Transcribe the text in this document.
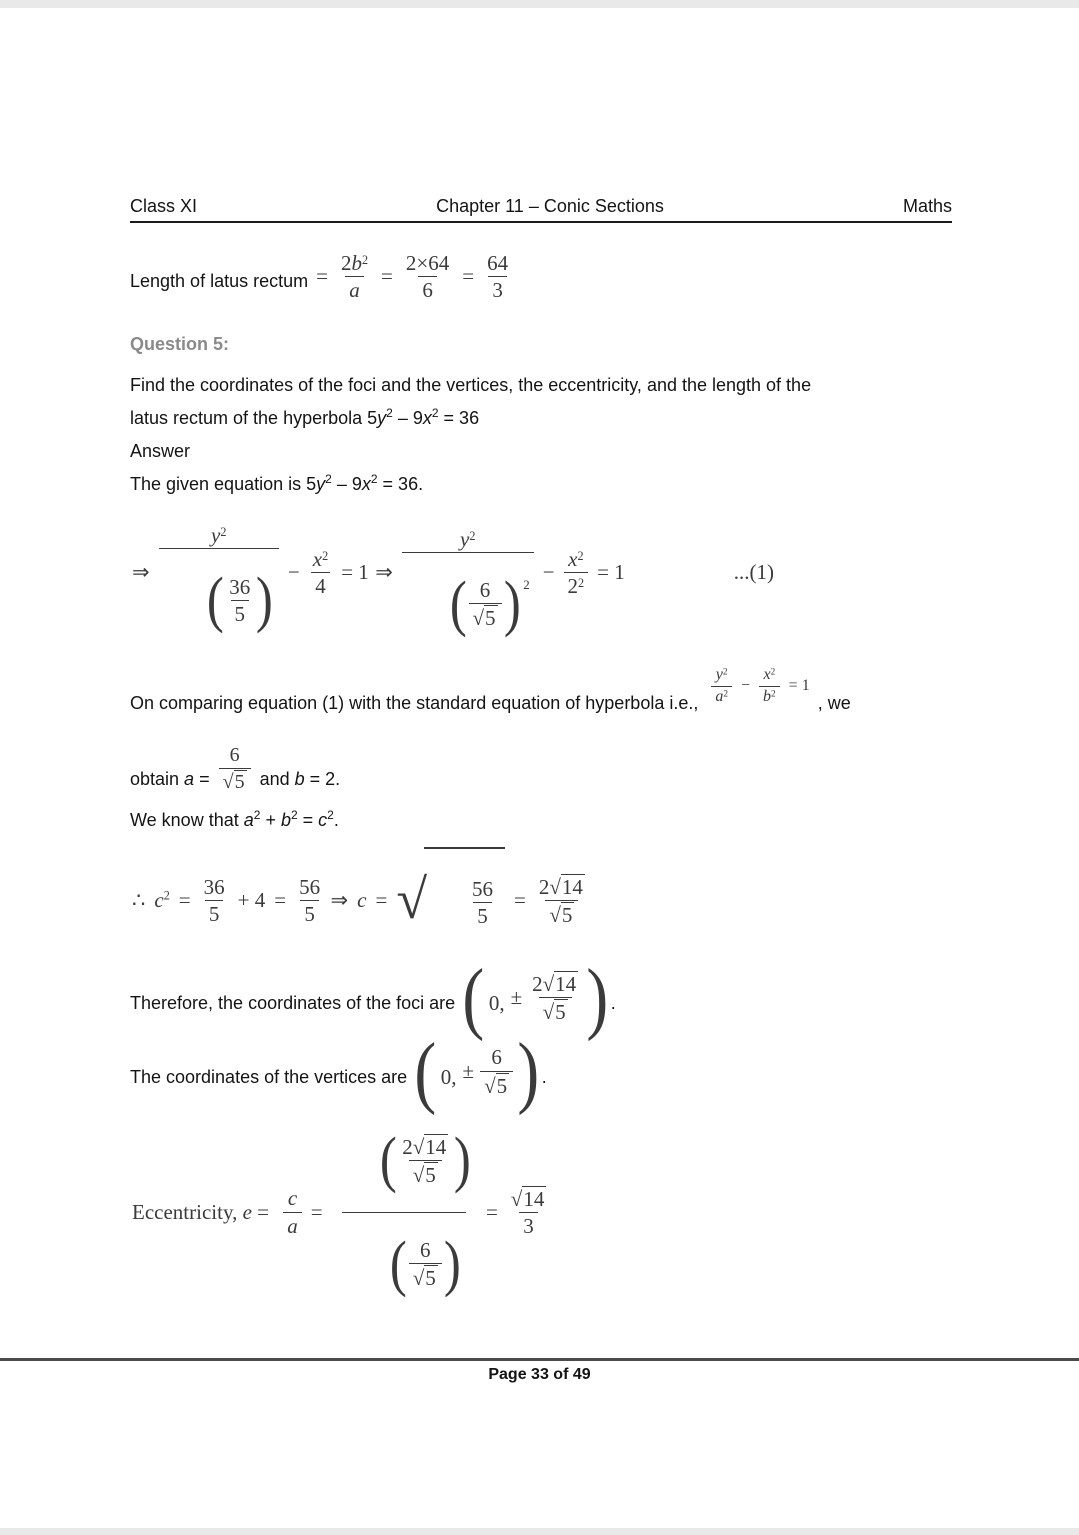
Class XI	Chapter 11 – Conic Sections	Maths
Length of latus rectum = $\frac{2b^2}{a} = \frac{2\times 64}{6} = \frac{64}{3}$
Question 5:

Find the coordinates of the foci and the vertices, the eccentricity, and the length of the

latus rectum of the hyperbola $5y^2 - 9x^2 = 36$

Answer

The given equation is $5y^2 - 9x^2 = 36$.

⇒
$y^2$

( $\frac{36}{5}$ )

− $\frac{x^2}{4} = 1$
⇒
$y^2$

( 6
√ 5 ) 2

− $\frac{x^2}{2^2} = 1$	...(1)
On comparing equation (1) with the standard equation of hyperbola i.e.,
$y^2$
$a^2 - \frac{x^2}{b^2} = 1$
, we
obtain $a = \frac{6}{√ 5}$ and b = 2.

We know that $a^2 + b^2 = c^2$.

∴ $c^2 = \frac{36}{5} + 4 = \frac{56}{5}$
⇒ c = √

$\frac{56}{5}$

= $\frac{2 √ 14}{√ 5}$
Therefore, the coordinates of the foci are ( 0, ± $\frac{2 √ 14}{√ 5}$ ) .
The coordinates of the vertices are ( 0, ± $\frac{6}{√ 5}$ ) .
Eccentricity, $e = \frac{c}{a}$ =

( 2 √ 14
√ 5 )

( 6
√ 5 )

= $\frac{√ 14}{3}$
Page 33 of 49
